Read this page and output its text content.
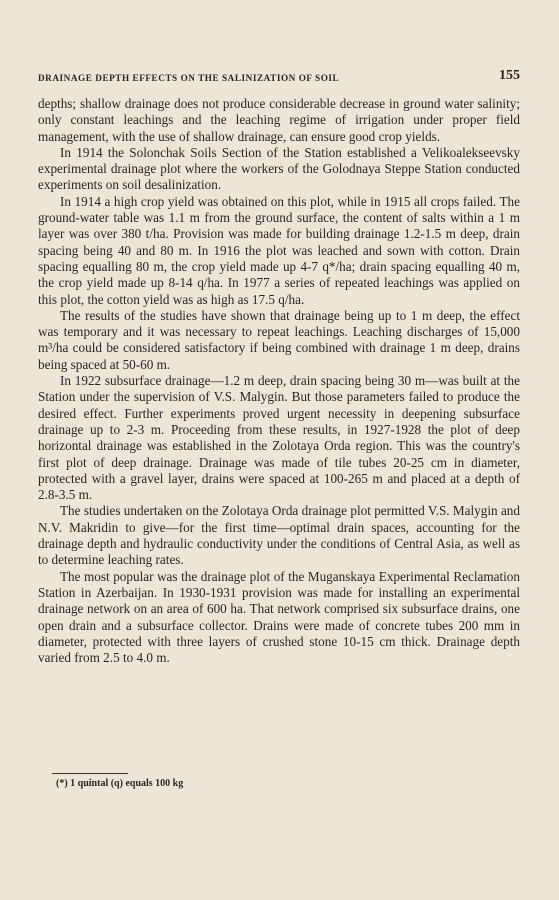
DRAINAGE DEPTH EFFECTS ON THE SALINIZATION OF SOIL	155

depths; shallow drainage does not produce considerable decrease in ground water salinity; only constant leachings and the leaching regime of irrigation under proper field management, with the use of shallow drainage, can ensure good crop yields.

In 1914 the Solonchak Soils Section of the Station established a Velikoalekseevsky experimental drainage plot where the workers of the Golodnaya Steppe Station conducted experiments on soil desalinization.

In 1914 a high crop yield was obtained on this plot, while in 1915 all crops failed. The ground-water table was 1.1 m from the ground surface, the content of salts within a 1 m layer was over 380 t/ha. Provision was made for building drainage 1.2-1.5 m deep, drain spacing being 40 and 80 m. In 1916 the plot was leached and sown with cotton. Drain spacing equalling 80 m, the crop yield made up 4-7 q*/ha; drain spacing equalling 40 m, the crop yield made up 8-14 q/ha. In 1977 a series of repeated leachings was applied on this plot, the cotton yield was as high as 17.5 q/ha.

The results of the studies have shown that drainage being up to 1 m deep, the effect was temporary and it was necessary to repeat leachings. Leaching discharges of 15,000 m³/ha could be considered satisfactory if being combined with drainage 1 m deep, drains being spaced at 50-60 m.

In 1922 subsurface drainage—1.2 m deep, drain spacing being 30 m—was built at the Station under the supervision of V.S. Malygin. But those parameters failed to produce the desired effect. Further experiments proved urgent necessity in deepening subsurface drainage up to 2-3 m. Proceeding from these results, in 1927-1928 the plot of deep horizontal drainage was established in the Zolotaya Orda region. This was the country's first plot of deep drainage. Drainage was made of tile tubes 20-25 cm in diameter, protected with a gravel layer, drains were spaced at 100-265 m and placed at a depth of 2.8-3.5 m.

The studies undertaken on the Zolotaya Orda drainage plot permitted V.S. Malygin and N.V. Makridin to give—for the first time—optimal drain spaces, accounting for the drainage depth and hydraulic conductivity under the conditions of Central Asia, as well as to determine leaching rates.

The most popular was the drainage plot of the Muganskaya Experimental Reclamation Station in Azerbaijan. In 1930-1931 provision was made for installing an experimental drainage network on an area of 600 ha. That network comprised six subsurface drains, one open drain and a subsurface collector. Drains were made of concrete tubes 200 mm in diameter, protected with three layers of crushed stone 10-15 cm thick. Drainage depth varied from 2.5 to 4.0 m.

(*) 1 quintal (q) equals 100 kg
